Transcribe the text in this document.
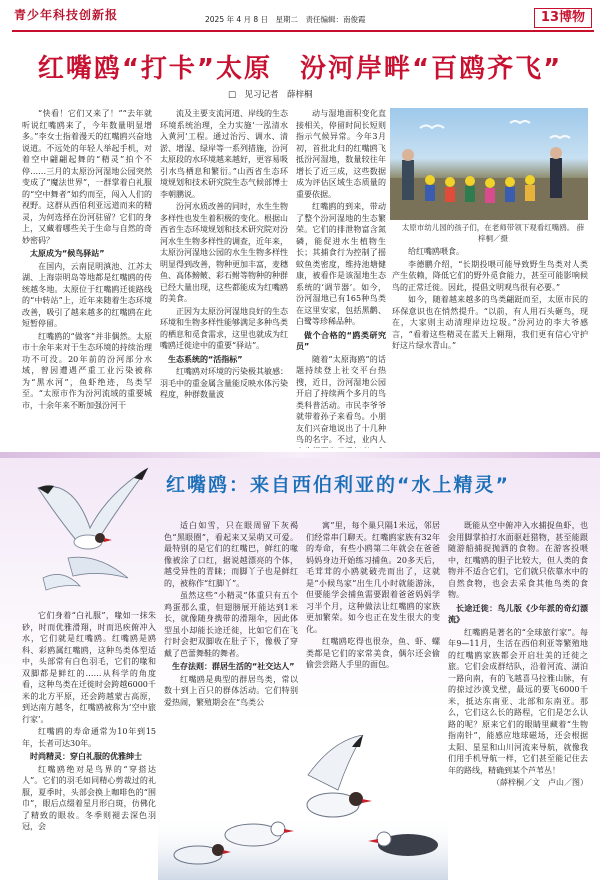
青少年科技创新报	2025 年 4 月 8 日　星期二　责任编辑：南俊霞	13博物
红嘴鸥“打卡”太原　汾河岸畔“百鸥齐飞”
□　见习记者　薛梓桐

“快看！它们又来了！”“去年就听说红嘴鸥来了，今年数量明显增多。”李女士指着漫天的红嘴鸥兴奋地说道。不远处的年轻人举起手机，对着空中翩翩起舞的“精灵”拍个不停……三月的太原汾河湿地公园突然变成了“魔法世界”，一群掌着白礼服的“空中舞者”如约而至，闯入人们的视野。这群从西伯利亚远道而来的精灵，为何选择在汾河驻留？它们的身上，又藏着哪些关于生命与自然的奇妙密码？

太原成为“候鸟驿站”

在国内，云南昆明滇池、江苏太湖、上海崇明岛等地都是红嘴鸥的传统越冬地。太原位于红嘴鸥迁徙路线的“中转站”上，近年来随着生态环境改善，吸引了越来越多的红嘴鸥在此短暂停留。

红嘴鸥的“做客”并非偶然。太原市十余年来对于生态环境的持续治理功不可没。20年前的汾河部分水域，曾因遭遇严重工业污染被称为“黑水河”，鱼虾绝迹，鸟类罕至。“太原市作为汾河流域的重要城市，十余年来不断加强汾河干

流及主要支流河道、岸线的生态环境系统治理，全力实施‘一泓清水入黄河’工程。通过治污、调水、清淤、增湿、绿岸等一系列措施，汾河太原段的水环境越来越好，更容易吸引水鸟栖息和繁衍。”山西省生态环境规划和技术研究院生态气候部博士李朝鹏说。

汾河水质改善的同时，水生生物多样性也发生着积极的变化。根据山西省生态环境规划和技术研究院对汾河水生生物多样性的调查，近年来，太原汾河湿地公园的水生生物多样性明显得到改善，物种更加丰富，麦穗鱼、高体鳑鲏、彩石鲋等物种的种群已经大量出现，这些都能成为红嘴鸥的美食。

正因为太原汾河湿地良好的生态环境和生物多样性能够满足多种鸟类的栖息和觅食需求，这里也就成为红嘴鸥迁徙途中的重要“驿站”。

生态系统的“活指标”

红嘴鸥对环境的污染极其敏感：羽毛中的重金属含量能反映水体污染程度，种群数量波

动与湿地面积变化直接相关，停留时间长短则指示气候异常。今年3月初，首批北归的红嘴鸥飞抵汾河湿地，数量较往年增长了近三成，这些数据成为评估区域生态质量的重要依据。

红嘴鸥的到来，带动了整个汾河湿地的生态繁荣。它们的排泄物富含氮磷，能促进水生植物生长；其捕食行为控制了摇蚊鱼类密度，维持池塘健康，被看作是该湿地生态系统的‘调节器’。如今，汾河湿地已有165种鸟类在这里安家，包括黑鹳、白鹭等珍稀品种。

做个合格的“鸥类研究员”

随着“太原海鸥”的话题持续登上社交平台热搜，近日，汾河湿地公园开启了持续两个多月的鸟类科普活动。市民李爷爷就带着孙子来看鸟。小朋友们兴奋地说出了十几种鸟的名字。不过，业内人

太原市幼儿园的孩子们，在老师带领下观看红嘴鸥。 薛梓桐／摄

给红嘴鸥喂食。

李德鹏介绍，“长期投喂可能导致野生鸟类对人类产生依赖，降低它们的野外觅食能力，甚至可能影响候鸟的正常迁徙。因此，提倡文明观鸟很有必要。”

如今，随着越来越多的鸟类翩跹而至，太原市民的环保意识也在悄然提升。“以前，有人用石头砸鸟，现在，大家则主动清理岸边垃圾。”汾河边的李大爷感言，“看着这些精灵在蓝天上翱翔，我们更有信心守护好这片绿水青山。”

红嘴鸥：来自西伯利亚的“水上精灵”

它们身着“白礼服”，喙如一抹朱砂，时而优雅滑翔，时而迅疾俯冲入水，它们就是红嘴鸥。红嘴鸥是鸥科、彩鸥属红嘴鸥，这种鸟类体型适中，头部常有白色羽毛，它们的喙和双脚都是鲜红的……从科学的角度看，这种鸟类在迁徙时会跨越6000千米的北方平原，还会跨越蒙古高原，到达南方越冬，红嘴鸥被称为‘空中旅行家’。

红嘴鸥的寿命通常为10年到15年，长者可达30年。

时尚精灵：穿白礼服的优雅绅士

红嘴鸥绝对是鸟界的“穿搭达人”。它们的羽毛如同精心剪裁过的礼服，夏季时，头部会换上咖啡色的“围巾”，眼后点缀着星月形白斑，仿佛化了精致的眼妆。冬季则褪去深色羽冠，会

适白如雪，只在眼周留下灰褐色“黑眼圈”，看起来又呆萌又可爱。最特别的是它们的红嘴巴，鲜红的喙像被涂了口红，据说越漂亮的个体，越受异性的青睐；而脚丫子也是鲜红的，被称作“红脚丫”。

虽然这些“小精灵”体重只有五个鸡蛋那么重，但翅膀展开能达到1米长，就像随身携带的滑翔伞，因此体型虽小却能长途迁徙，比如它们在飞行时会把双脚收在肚子下，像极了穿戴了芭蕾舞鞋的舞者。

生存法则：群居生活的“社交达人”

红嘴鸥是典型的群居鸟类，常以数十到上百只的群体活动。它们特别爱热闹，繁殖期会在“鸟类公

寓”里，每个巢只隔1米远，邻居们经常串门聊天。红嘴鸥家族有32年的寿命，有些小鸥第二年就会在爸爸妈妈身边开始练习捕鱼。20多天后，毛茸茸的小鸥就破壳而出了，这就是“小候鸟家”出生几小时就能游泳，但要能学会捕鱼需要跟着爸爸妈妈学习半个月，这种做法让红嘴鸥的家族更加繁荣。如今也正在发生很大的变化。

红嘴鸥吃得也很杂，鱼、虾、螺类都是它们的家常美食，偶尔还会偷偷尝尝路人手里的面包。

既能从空中俯冲入水捕捉鱼虾，也会用脚掌拍打水面驱赶猎物，甚至能跟随游船捕捉抛洒的食物。在游客投喂中，红嘴鸥的胆子比较大，但人类的食物并不适合它们，它们就只依靠水中的自然食物，也会去采食其他鸟类的食物。

长途迁徙：鸟儿版《少年派的奇幻漂流》

红嘴鸥是著名的“全球旅行家”。每年9—11月，生活在西伯利亚等繁殖地的红嘴鸥家族都会开启壮美的迁徙之旅。它们会成群结队，沿着河流、湖泊一路向南，有的飞越喜马拉雅山脉，有的掠过沙漠戈壁，最远的要飞6000千米，抵达东南亚、北部和东南亚。那么，它们这么长的路程，它们是怎么认路的呢？原来它们的眼睛里藏着“生物指南针”，能感应地球磁场，还会根据太阳、星星和山川河流来导航，就像我们用手机导航一样，它们甚至能记住去年的路线，精确到某个芦苇丛！

（薛梓桐／文　卢山／图）
